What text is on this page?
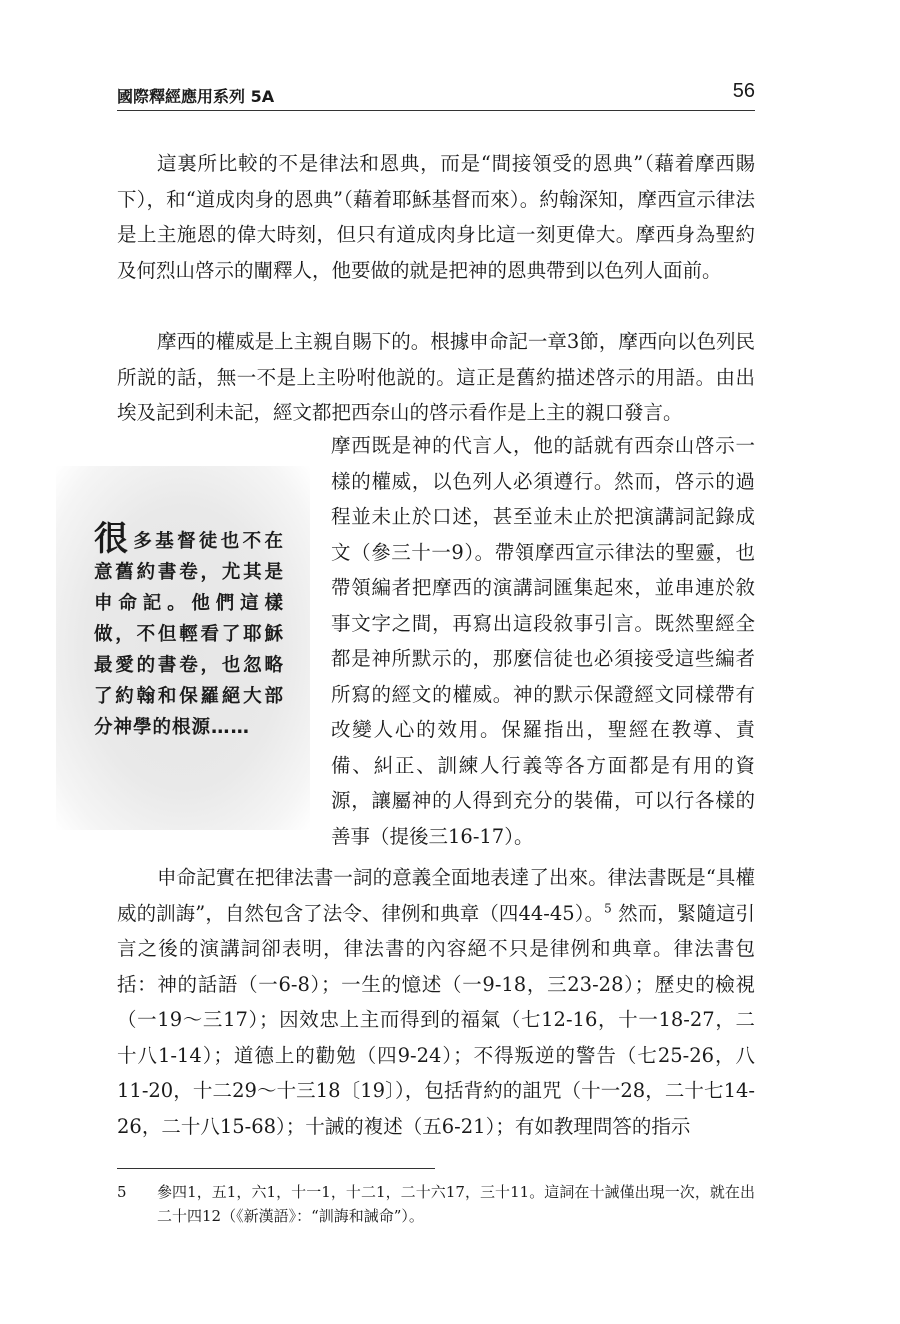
國際釋經應用系列 5A	56

這裏所比較的不是律法和恩典，而是“間接領受的恩典”（藉着摩西賜下），和“道成肉身的恩典”（藉着耶穌基督而來）。約翰深知，摩西宣示律法是上主施恩的偉大時刻，但只有道成肉身比這一刻更偉大。摩西身為聖約及何烈山啓示的闡釋人，他要做的就是把神的恩典帶到以色列人面前。

摩西的權威是上主親自賜下的。根據申命記一章3節，摩西向以色列民所説的話，無一不是上主吩咐他説的。這正是舊約描述啓示的用語。由出埃及記到利未記，經文都把西奈山的啓示看作是上主的親口發言。

很多基督徒也不在意舊約書卷，尤其是申命記。他們這樣做，不但輕看了耶穌最愛的書卷，也忽略了約翰和保羅絕大部分神學的根源……

摩西既是神的代言人，他的話就有西奈山啓示一樣的權威，以色列人必須遵行。然而，啓示的過程並未止於口述，甚至並未止於把演講詞記錄成文（參三十一9）。帶領摩西宣示律法的聖靈，也帶領編者把摩西的演講詞匯集起來，並串連於敘事文字之間，再寫出這段敘事引言。既然聖經全都是神所默示的，那麼信徒也必須接受這些編者所寫的經文的權威。神的默示保證經文同樣帶有改變人心的效用。保羅指出，聖經在教導、責備、糾正、訓練人行義等各方面都是有用的資源，讓屬神的人得到充分的裝備，可以行各樣的善事（提後三16-17）。

申命記實在把律法書一詞的意義全面地表達了出來。律法書既是“具權威的訓誨”，自然包含了法令、律例和典章（四44-45）。$^5$ 然而，緊隨這引言之後的演講詞卻表明，律法書的內容絕不只是律例和典章。律法書包括：神的話語（一6-8）；一生的憶述（一9-18，三23-28）；歷史的檢視（一19～三17）；因效忠上主而得到的福氣（七12-16，十一18-27，二十八1-14）；道德上的勸勉（四9-24）；不得叛逆的警告（七25-26，八11-20，十二29～十三18〔19〕），包括背約的詛咒（十一28，二十七14-26，二十八15-68）；十誡的複述（五6-21）；有如教理問答的指示

5 參四1，五1，六1，十一1，十二1，二十六17，三十11。這詞在十誡僅出現一次，就在出二十四12（《新漢語》：“訓誨和誡命”）。
